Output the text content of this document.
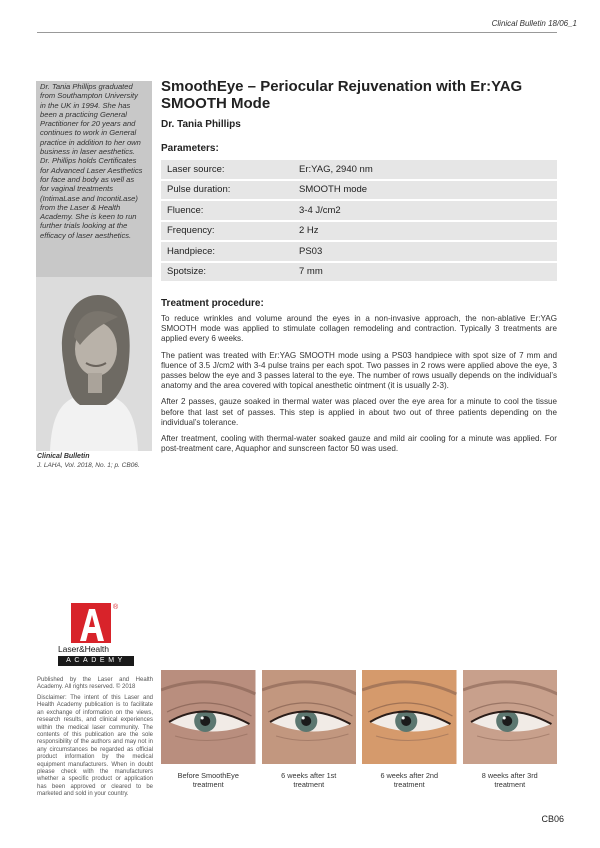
Clinical Bulletin 18/06_1

Dr. Tania Phillips graduated
from Southampton University
in the UK in 1994. She has
been a practicing General
Practitioner for 20 years and
continues to work in General
practice in addition to her own
business in laser aesthetics.
Dr. Phillips holds Certificates
for Advanced Laser Aesthetics
for face and body as well as
for vaginal treatments
(IntimaLase and IncontiLase)
from the Laser & Health
Academy. She is keen to run
further trials looking at the
efficacy of laser aesthetics.

Clinical Bulletin
J. LAHA, Vol. 2018, No. 1; p. CB06.
SmoothEye – Periocular Rejuvenation with Er:YAG SMOOTH Mode
Dr. Tania Phillips
Parameters:
Laser source:	Er:YAG, 2940 nm
Pulse duration:	SMOOTH mode
Fluence:	3-4 J/cm2
Frequency:	2 Hz
Handpiece:	PS03
Spotsize:	7 mm
Treatment procedure:

To reduce wrinkles and volume around the eyes in a non-invasive approach, the non-ablative Er:YAG SMOOTH mode was applied to stimulate collagen remodeling and contraction. Typically 3 treatments are applied every 6 weeks.

The patient was treated with Er:YAG SMOOTH mode using a PS03 handpiece with spot size of 7 mm and fluence of 3.5 J/cm2 with 3-4 pulse trains per each spot. Two passes in 2 rows were applied above the eye, 3 passes below the eye and 3 passes lateral to the eye. The number of rows usually depends on the individual’s anatomy and the area covered with topical anesthetic ointment (it is usually 2-3).

After 2 passes, gauze soaked in thermal water was placed over the eye area for a minute to cool the tissue before that last set of passes. This step is applied in about two out of three patients depending on the individual’s tolerance.

After treatment, cooling with thermal-water soaked gauze and mild air cooling for a minute was applied. For post-treatment care, Aquaphor and sunscreen factor 50 was used.

®
Laser&Health
ACADEMY

Published by the Laser and Health Academy. All rights reserved. © 2018

Disclaimer: The intent of this Laser and Health Academy publication is to facilitate an exchange of information on the views, research results, and clinical experiences within the medical laser community. The contents of this publication are the sole responsibility of the authors and may not in any circumstances be regarded as official product information by the medical equipment manufacturers. When in doubt please check with the manufacturers whether a specific product or application has been approved or cleared to be marketed and sold in your country.

Before SmoothEye
treatment
6 weeks after 1st
treatment
6 weeks after 2nd
treatment
8 weeks after 3rd
treatment
CB06
